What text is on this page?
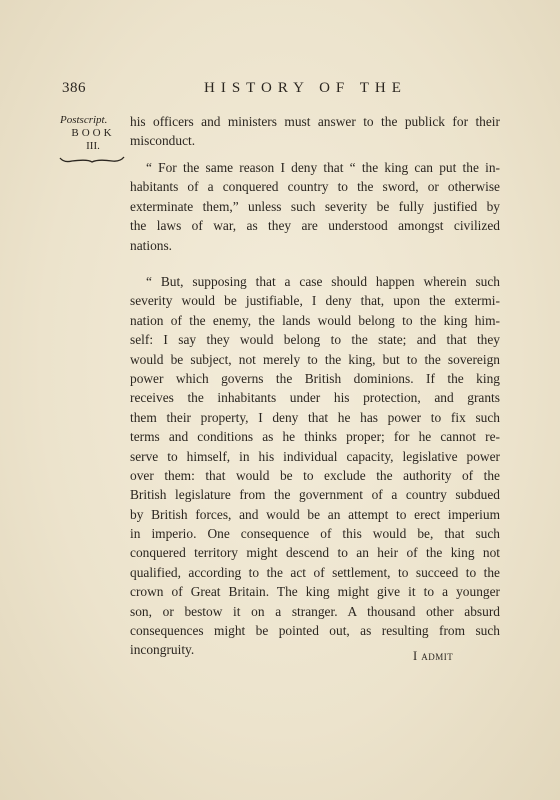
386	HISTORY OF THE
Postscript.
BOOK
III.
his officers and ministers must answer to the publick for their
misconduct.
“ For the same reason I deny that “ the king can put the in-
habitants of a conquered country to the sword, or otherwise
exterminate them,” unless such severity be fully justified by
the laws of war, as they are understood amongst civilized
nations.
“ But, supposing that a case should happen wherein such
severity would be justifiable, I deny that, upon the extermi-
nation of the enemy, the lands would belong to the king him-
self: I say they would belong to the state; and that they
would be subject, not merely to the king, but to the sovereign
power which governs the British dominions. If the king
receives the inhabitants under his protection, and grants
them their property, I deny that he has power to fix such
terms and conditions as he thinks proper; for he cannot re-
serve to himself, in his individual capacity, legislative power
over them: that would be to exclude the authority of the
British legislature from the government of a country subdued
by British forces, and would be an attempt to erect imperium
in imperio. One consequence of this would be, that such
conquered territory might descend to an heir of the king not
qualified, according to the act of settlement, to succeed to the
crown of Great Britain. The king might give it to a younger
son, or bestow it on a stranger. A thousand other absurd
consequences might be pointed out, as resulting from such
incongruity.	I admit
